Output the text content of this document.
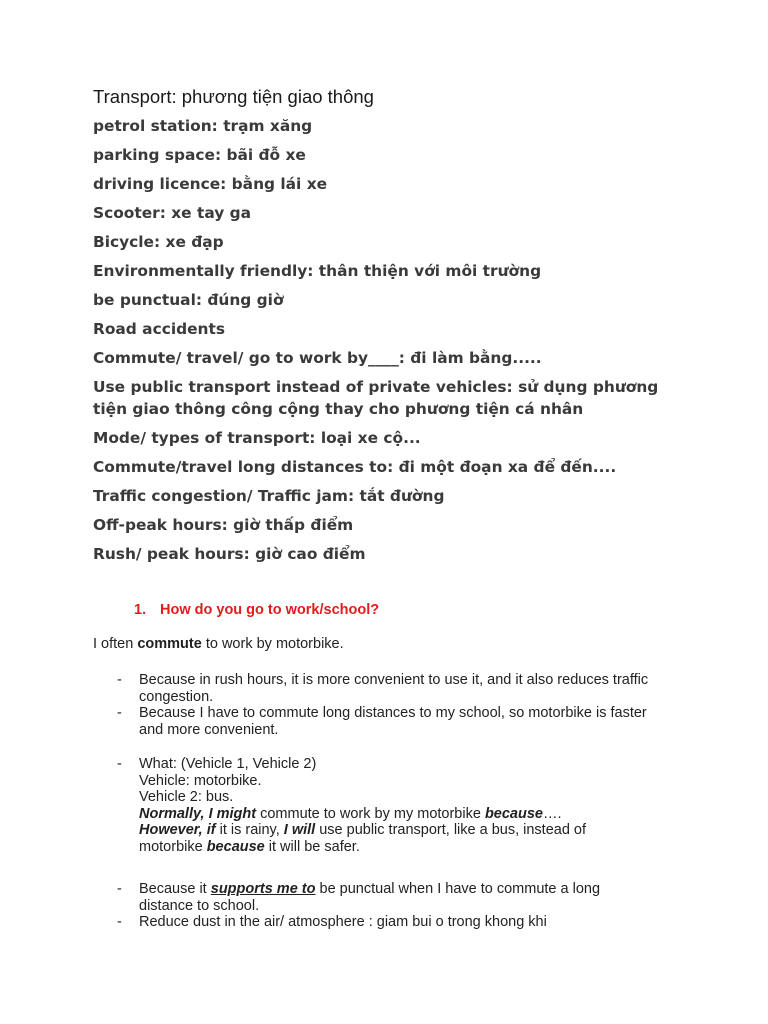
Transport: phương tiện giao thông
petrol station: trạm xăng
parking space: bãi đỗ xe
driving licence: bằng lái xe
Scooter: xe tay ga
Bicycle: xe đạp
Environmentally friendly: thân thiện với môi trường
be punctual: đúng giờ
Road accidents
Commute/ travel/ go to work by____: đi làm bằng.....
Use public transport instead of private vehicles: sử dụng phương tiện giao thông công cộng thay cho phương tiện cá nhân
Mode/ types of transport: loại xe cộ...
Commute/travel long distances to: đi một đoạn xa để đến....
Traffic congestion/ Traffic jam: tắt đường
Off-peak hours: giờ thấp điểm
Rush/ peak hours: giờ cao điểm
1. How do you go to work/school?
I often commute to work by motorbike.
- Because in rush hours, it is more convenient to use it, and it also reduces traffic congestion.
- Because I have to commute long distances to my school, so motorbike is faster and more convenient.
- What: (Vehicle 1, Vehicle 2)
Vehicle: motorbike.
Vehicle 2: bus.
Normally, I might commute to work by my motorbike because….
However, if it is rainy, I will use public transport, like a bus, instead of motorbike because it will be safer.
- Because it supports me to be punctual when I have to commute a long distance to school.
- Reduce dust in the air/ atmosphere : giam bui o trong khong khi
